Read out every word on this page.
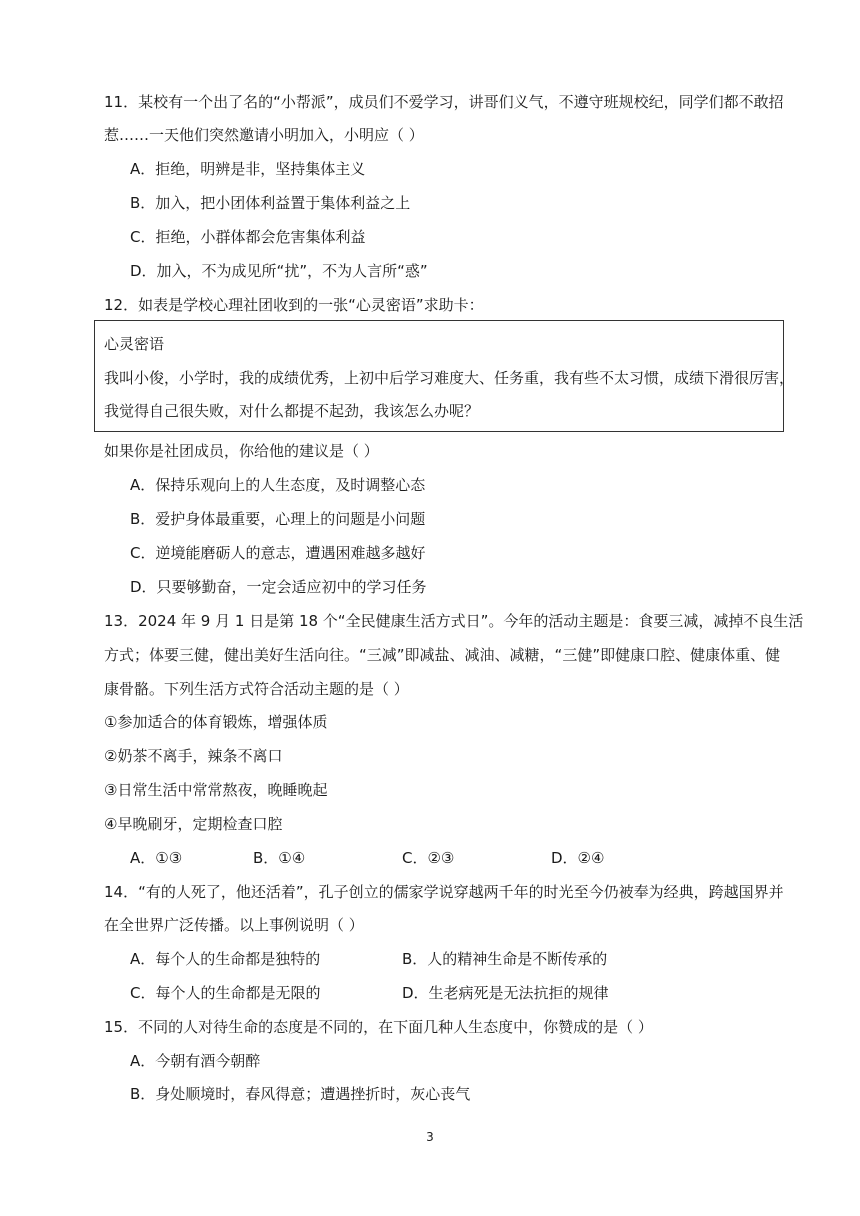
11．某校有一个出了名的“小帮派”，成员们不爱学习，讲哥们义气，不遵守班规校纪，同学们都不敢招
惹……一天他们突然邀请小明加入，小明应（ ）
A．拒绝，明辨是非，坚持集体主义
B．加入，把小团体利益置于集体利益之上
C．拒绝，小群体都会危害集体利益
D．加入，不为成见所“扰”，不为人言所“惑”
12．如表是学校心理社团收到的一张“心灵密语”求助卡：
心灵密语
我叫小俊，小学时，我的成绩优秀，上初中后学习难度大、任务重，我有些不太习惯，成绩下滑很厉害，
我觉得自己很失败，对什么都提不起劲，我该怎么办呢？
如果你是社团成员，你给他的建议是（ ）
A．保持乐观向上的人生态度，及时调整心态
B．爱护身体最重要，心理上的问题是小问题
C．逆境能磨砺人的意志，遭遇困难越多越好
D．只要够勤奋，一定会适应初中的学习任务
13．2024 年 9 月 1 日是第 18 个“全民健康生活方式日”。今年的活动主题是：食要三减，减掉不良生活
方式；体要三健，健出美好生活向往。“三减”即减盐、减油、减糖，“三健”即健康口腔、健康体重、健
康骨骼。下列生活方式符合活动主题的是（ ）
①参加适合的体育锻炼，增强体质
②奶茶不离手，辣条不离口
③日常生活中常常熬夜，晚睡晚起
④早晚刷牙，定期检查口腔
A．①③	B．①④	C．②③	D．②④
14．“有的人死了，他还活着”，孔子创立的儒家学说穿越两千年的时光至今仍被奉为经典，跨越国界并
在全世界广泛传播。以上事例说明（ ）
A．每个人的生命都是独特的	B．人的精神生命是不断传承的
C．每个人的生命都是无限的	D．生老病死是无法抗拒的规律
15．不同的人对待生命的态度是不同的，在下面几种人生态度中，你赞成的是（ ）
A．今朝有酒今朝醉
B．身处顺境时，春风得意；遭遇挫折时，灰心丧气
3
